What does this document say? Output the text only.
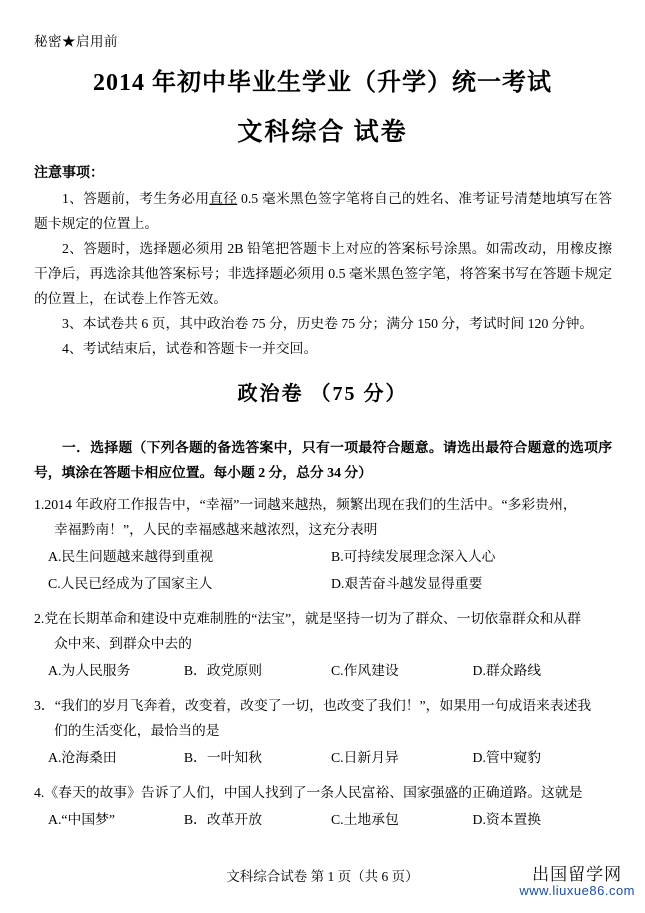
秘密★启用前
2014 年初中毕业生学业（升学）统一考试
文科综合 试卷
注意事项：

1、答题前，考生务必用直径 0.5 毫米黑色签字笔将自己的姓名、准考证号清楚地填写在答题卡规定的位置上。

2、答题时，选择题必须用 2B 铅笔把答题卡上对应的答案标号涂黑。如需改动，用橡皮擦干净后，再选涂其他答案标号；非选择题必须用 0.5 毫米黑色签字笔，将答案书写在答题卡规定的位置上，在试卷上作答无效。

3、本试卷共 6 页，其中政治卷 75 分，历史卷 75 分；满分 150 分，考试时间 120 分钟。

4、考试结束后，试卷和答题卡一并交回。

政治卷 （75 分）
一．选择题（下列各题的备选答案中，只有一项最符合题意。请选出最符合题意的选项序号，填涂在答题卡相应位置。每小题 2 分，总分 34 分）
1.2014 年政府工作报告中，“幸福”一词越来越热，频繁出现在我们的生活中。“多彩贵州，
幸福黔南！”，人民的幸福感越来越浓烈，这充分表明
A.民生问题越来越得到重视	B.可持续发展理念深入人心
C.人民已经成为了国家主人	D.艰苦奋斗越发显得重要
2.党在长期革命和建设中克难制胜的“法宝”，就是坚持一切为了群众、一切依靠群众和从群
众中来、到群众中去的
A.为人民服务	B．政党原则	C.作风建设	D.群众路线
3．“我们的岁月飞奔着，改变着，改变了一切，也改变了我们！”，如果用一句成语来表述我
们的生活变化，最恰当的是
A.沧海桑田	B．一叶知秋	C.日新月异	D.管中窥豹
4.《春天的故事》告诉了人们，中国人找到了一条人民富裕、国家强盛的正确道路。这就是
A.“中国梦”	B．改革开放	C.土地承包	D.资本置换
文科综合试卷 第 1 页（共 6 页）	出国留学网
www.liuxue86.com
